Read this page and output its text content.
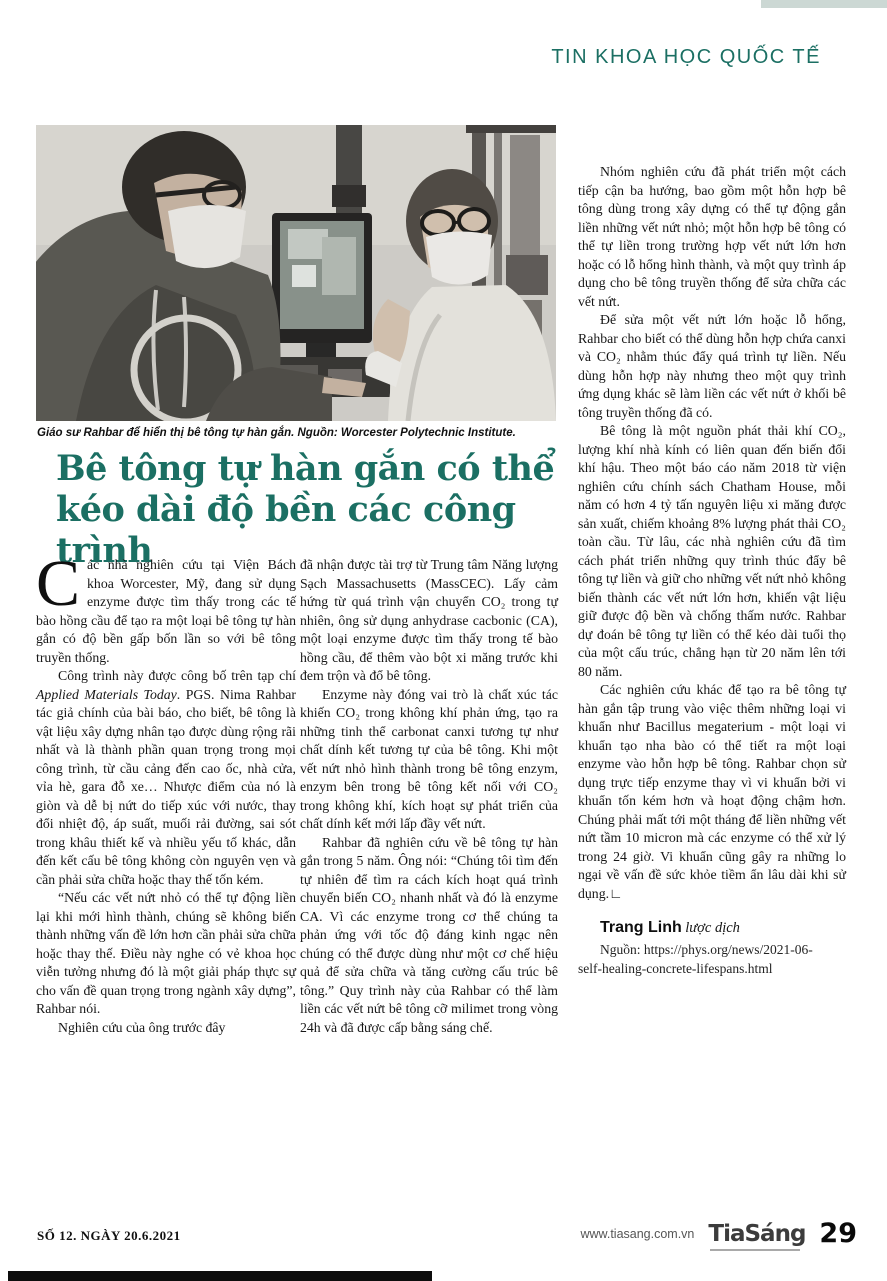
TIN KHOA HỌC QUỐC TẾ
Giáo sư Rahbar để hiển thị bê tông tự hàn gắn. Nguồn: Worcester Polytechnic Institute.
Bê tông tự hàn gắn có thể kéo dài độ bền các công trình

Các nhà nghiên cứu tại Viện Bách khoa Worcester, Mỹ, đang sử dụng enzyme được tìm thấy trong các tế bào hồng cầu để tạo ra một loại bê tông tự hàn gắn có độ bền gấp bốn lần so với bê tông truyền thống.

Công trình này được công bố trên tạp chí Applied Materials Today. PGS. Nima Rahbar tác giả chính của bài báo, cho biết, bê tông là vật liệu xây dựng nhân tạo được dùng rộng rãi nhất và là thành phần quan trọng trong mọi công trình, từ cầu cảng đến cao ốc, nhà cửa, vỉa hè, gara đỗ xe… Nhược điểm của nó là giòn và dễ bị nứt do tiếp xúc với nước, thay đổi nhiệt độ, áp suất, muối rải đường, sai sót trong khâu thiết kế và nhiều yếu tố khác, dẫn đến kết cấu bê tông không còn nguyên vẹn và cần phải sửa chữa hoặc thay thế tốn kém.

“Nếu các vết nứt nhỏ có thể tự động liền lại khi mới hình thành, chúng sẽ không biến thành những vấn đề lớn hơn cần phải sửa chữa hoặc thay thế. Điều này nghe có vẻ khoa học viễn tưởng nhưng đó là một giải pháp thực sự cho vấn đề quan trọng trong ngành xây dựng”, Rahbar nói.

Nghiên cứu của ông trước đây

đã nhận được tài trợ từ Trung tâm Năng lượng Sạch Massachusetts (MassCEC). Lấy cảm hứng từ quá trình vận chuyển CO₂ trong tự nhiên, ông sử dụng anhydrase cacbonic (CA), một loại enzyme được tìm thấy trong tế bào hồng cầu, để thêm vào bột xi măng trước khi đem trộn và đổ bê tông.

Enzyme này đóng vai trò là chất xúc tác khiến CO₂ trong không khí phản ứng, tạo ra những tinh thể carbonat canxi tương tự như chất dính kết tương tự của bê tông. Khi một vết nứt nhỏ hình thành trong bê tông enzym, enzym bên trong bê tông kết nối với CO₂ trong không khí, kích hoạt sự phát triển của chất dính kết mới lấp đầy vết nứt.

Rahbar đã nghiên cứu về bê tông tự hàn gắn trong 5 năm. Ông nói: “Chúng tôi tìm đến tự nhiên để tìm ra cách kích hoạt quá trình chuyển biến CO₂ nhanh nhất và đó là enzyme CA. Vì các enzyme trong cơ thể chúng ta phản ứng với tốc độ đáng kinh ngạc nên chúng có thể được dùng như một cơ chế hiệu quả để sửa chữa và tăng cường cấu trúc bê tông.” Quy trình này của Rahbar có thể làm liền các vết nứt bê tông cỡ milimet trong vòng 24h và đã được cấp bằng sáng chế.

Nhóm nghiên cứu đã phát triển một cách tiếp cận ba hướng, bao gồm một hỗn hợp bê tông dùng trong xây dựng có thể tự động gắn liền những vết nứt nhỏ; một hỗn hợp bê tông có thể tự liền trong trường hợp vết nứt lớn hơn hoặc có lỗ hổng hình thành, và một quy trình áp dụng cho bê tông truyền thống để sửa chữa các vết nứt.

Để sửa một vết nứt lớn hoặc lỗ hổng, Rahbar cho biết có thể dùng hỗn hợp chứa canxi và CO₂ nhằm thúc đẩy quá trình tự liền. Nếu dùng hỗn hợp này nhưng theo một quy trình ứng dụng khác sẽ làm liền các vết nứt ở khối bê tông truyền thống đã có.

Bê tông là một nguồn phát thải khí CO₂, lượng khí nhà kính có liên quan đến biến đổi khí hậu. Theo một báo cáo năm 2018 từ viện nghiên cứu chính sách Chatham House, mỗi năm có hơn 4 tỷ tấn nguyên liệu xi măng được sản xuất, chiếm khoảng 8% lượng phát thải CO₂ toàn cầu. Từ lâu, các nhà nghiên cứu đã tìm cách phát triển những quy trình thúc đẩy bê tông tự liền và giữ cho những vết nứt nhỏ không biến thành các vết nứt lớn hơn, khiến vật liệu giữ được độ bền và chống thấm nước. Rahbar dự đoán bê tông tự liền có thể kéo dài tuổi thọ của một cấu trúc, chẳng hạn từ 20 năm lên tới 80 năm.

Các nghiên cứu khác để tạo ra bê tông tự hàn gắn tập trung vào việc thêm những loại vi khuẩn như Bacillus megaterium - một loại vi khuẩn tạo nha bào có thể tiết ra một loại enzyme vào hỗn hợp bê tông. Rahbar chọn sử dụng trực tiếp enzyme thay vì vi khuẩn bởi vi khuẩn tốn kém hơn và hoạt động chậm hơn. Chúng phải mất tới một tháng để liền những vết nứt tầm 10 micron mà các enzyme có thể xử lý trong 24 giờ. Vi khuẩn cũng gây ra những lo ngại về vấn đề sức khỏe tiềm ẩn lâu dài khi sử dụng.∟

Trang Linh lược dịch

Nguồn: https://phys.org/news/2021-06-
self-healing-concrete-lifespans.html

SỐ 12. NGÀY 20.6.2021	www.tiasang.com.vn TiaSáng 29
